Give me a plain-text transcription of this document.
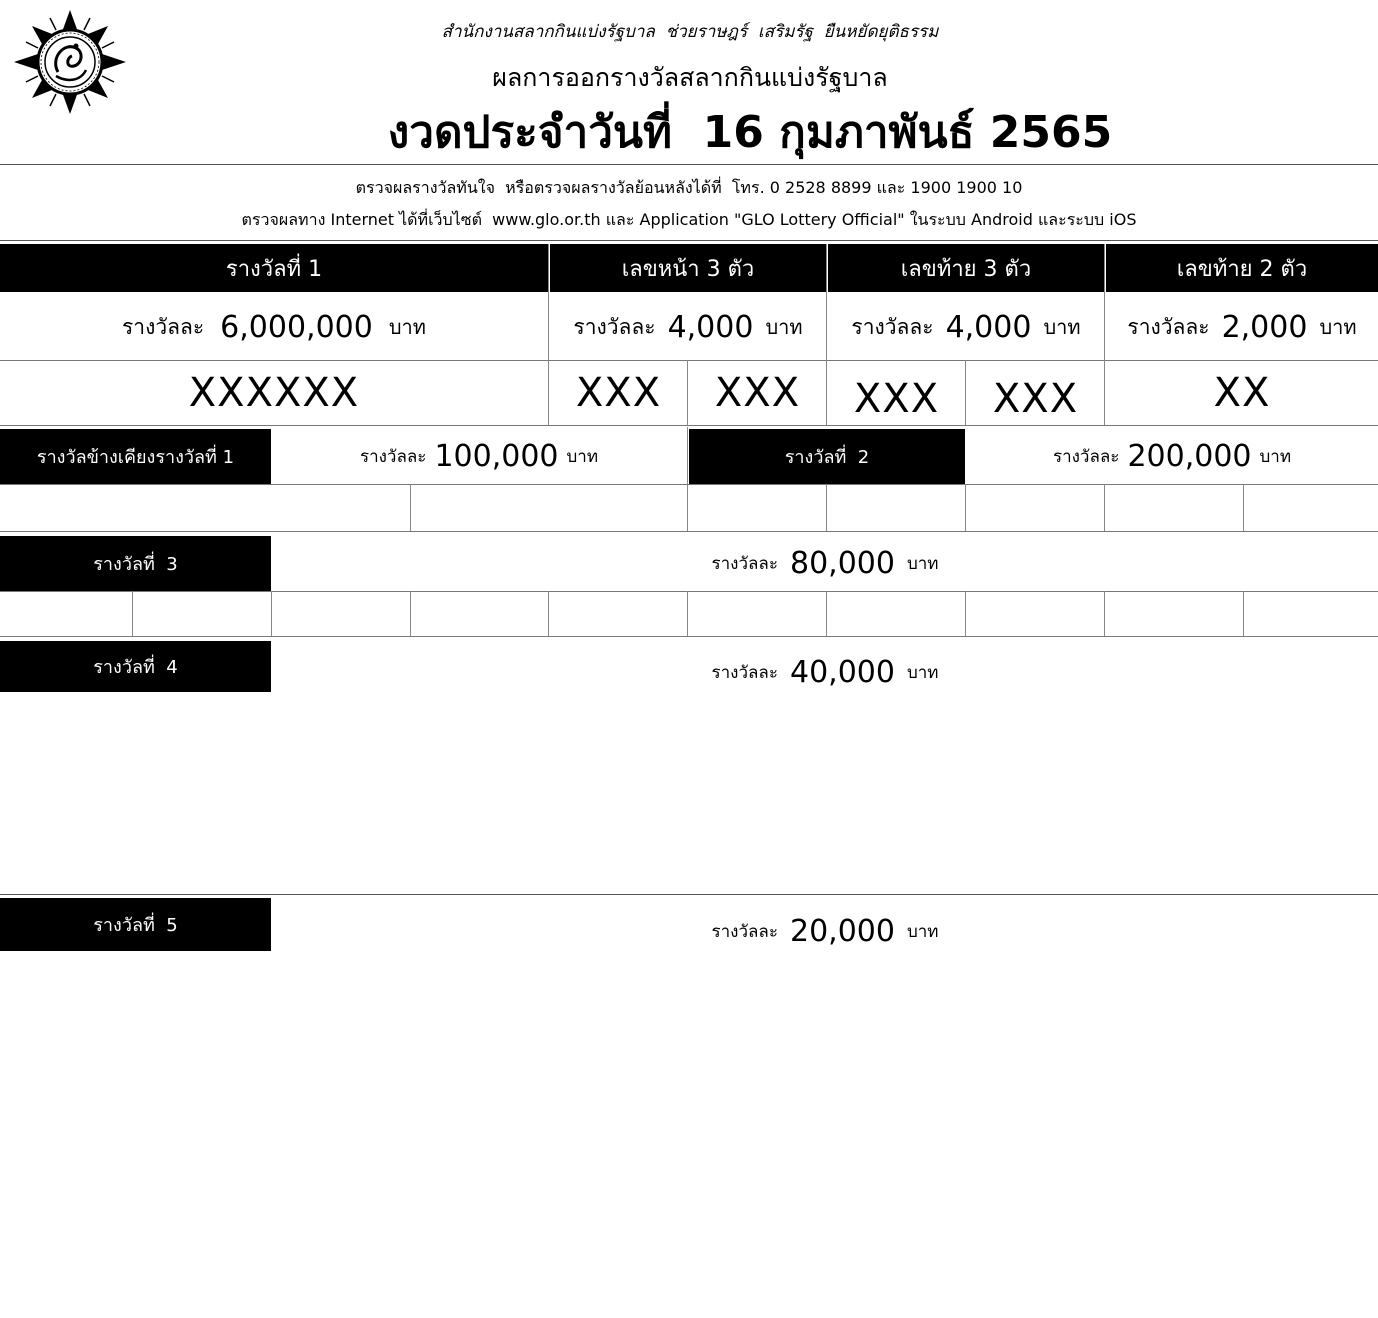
สำนักงานสลากกินแบ่งรัฐบาล  ช่วยราษฎร์  เสริมรัฐ  ยืนหยัดยุติธรรม
ผลการออกรางวัลสลากกินแบ่งรัฐบาล
งวดประจำวันที่  16 กุมภาพันธ์ 2565
ตรวจผลรางวัลทันใจ  หรือตรวจผลรางวัลย้อนหลังได้ที่  โทร. 0 2528 8899 และ 1900 1900 10
ตรวจผลทาง Internet ได้ที่เว็บไซต์  www.glo.or.th และ Application "GLO Lottery Official" ในระบบ Android และระบบ iOS
รางวัลที่ 1	เลขหน้า 3 ตัว	เลขท้าย 3 ตัว	เลขท้าย 2 ตัว
รางวัลละ 6,000,000 บาท	รางวัลละ 4,000 บาท รางวัลละ 4,000 บาท รางวัลละ 2,000 บาท
XXXXXX	XXX	XXX	XXX	XXX	XX
รางวัลข้างเคียงรางวัลที่ 1	รางวัลละ 100,000 บาท	รางวัลที่  2	รางวัลละ 200,000 บาท
รางวัลที่  3	รางวัลละ 80,000 บาท
รางวัลที่  4	รางวัลละ 40,000 บาท
รางวัลที่  5	รางวัลละ 20,000 บาท
